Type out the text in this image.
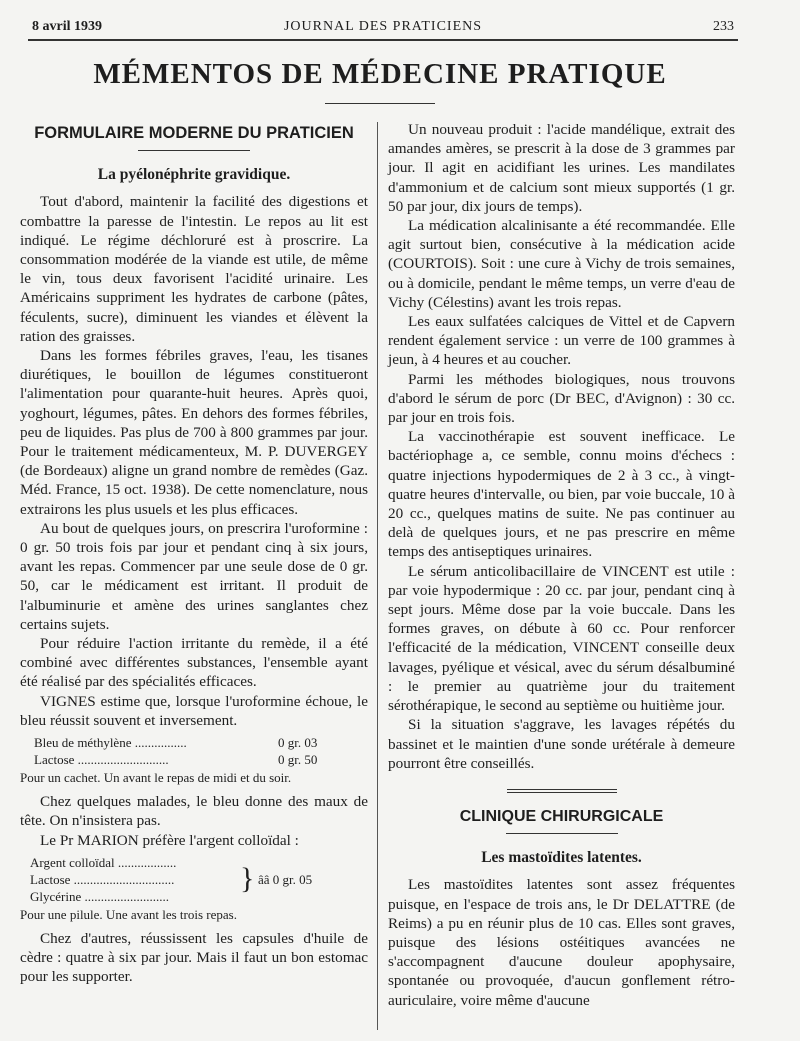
8 avril 1939	JOURNAL DES PRATICIENS	233
MÉMENTOS DE MÉDECINE PRATIQUE
FORMULAIRE MODERNE DU PRATICIEN
La pyélonéphrite gravidique.

Tout d'abord, maintenir la facilité des digestions et combattre la paresse de l'intestin. Le repos au lit est indiqué. Le régime déchloruré est à proscrire. La consommation modérée de la viande est utile, de même le vin, tous deux favorisent l'acidité urinaire. Les Américains suppriment les hydrates de carbone (pâtes, féculents, sucre), diminuent les viandes et élèvent la ration des graisses.

Dans les formes fébriles graves, l'eau, les tisanes diurétiques, le bouillon de légumes constitueront l'alimentation pour quarante-huit heures. Après quoi, yoghourt, légumes, pâtes. En dehors des formes fébriles, peu de liquides. Pas plus de 700 à 800 grammes par jour. Pour le traitement médicamenteux, M. P. DUVERGEY (de Bordeaux) aligne un grand nombre de remèdes (Gaz. Méd. France, 15 oct. 1938). De cette nomenclature, nous extrairons les plus usuels et les plus efficaces.

Au bout de quelques jours, on prescrira l'uroformine : 0 gr. 50 trois fois par jour et pendant cinq à six jours, avant les repas. Commencer par une seule dose de 0 gr. 50, car le médicament est irritant. Il produit de l'albuminurie et amène des urines sanglantes chez certains sujets.

Pour réduire l'action irritante du remède, il a été combiné avec différentes substances, l'ensemble ayant été réalisé par des spécialités efficaces.

VIGNES estime que, lorsque l'uroformine échoue, le bleu réussit souvent et inversement.

Bleu de méthylène ................	0 gr. 03
Lactose ............................	0 gr. 50
Pour un cachet. Un avant le repas de midi et du soir.

Chez quelques malades, le bleu donne des maux de tête. On n'insistera pas.

Le Pr MARION préfère l'argent colloïdal :

Argent colloïdal ..................
Lactose ...............................
Glycérine ..........................
} ââ 0 gr. 05
Pour une pilule. Une avant les trois repas.

Chez d'autres, réussissent les capsules d'huile de cèdre : quatre à six par jour. Mais il faut un bon estomac pour les supporter.

Un nouveau produit : l'acide mandélique, extrait des amandes amères, se prescrit à la dose de 3 grammes par jour. Il agit en acidifiant les urines. Les mandilates d'ammonium et de calcium sont mieux supportés (1 gr. 50 par jour, dix jours de temps).

La médication alcalinisante a été recommandée. Elle agit surtout bien, consécutive à la médication acide (COURTOIS). Soit : une cure à Vichy de trois semaines, ou à domicile, pendant le même temps, un verre d'eau de Vichy (Célestins) avant les trois repas.

Les eaux sulfatées calciques de Vittel et de Capvern rendent également service : un verre de 100 grammes à jeun, à 4 heures et au coucher.

Parmi les méthodes biologiques, nous trouvons d'abord le sérum de porc (Dr BEC, d'Avignon) : 30 cc. par jour en trois fois.

La vaccinothérapie est souvent inefficace. Le bactériophage a, ce semble, connu moins d'échecs : quatre injections hypodermiques de 2 à 3 cc., à vingt-quatre heures d'intervalle, ou bien, par voie buccale, 10 à 20 cc., quelques matins de suite. Ne pas continuer au delà de quelques jours, et ne pas prescrire en même temps des antiseptiques urinaires.

Le sérum anticolibacillaire de VINCENT est utile : par voie hypodermique : 20 cc. par jour, pendant cinq à sept jours. Même dose par la voie buccale. Dans les formes graves, on débute à 60 cc. Pour renforcer l'efficacité de la médication, VINCENT conseille deux lavages, pyélique et vésical, avec du sérum désalbuminé : le premier au quatrième jour du traitement sérothérapique, le second au septième ou huitième jour.

Si la situation s'aggrave, les lavages répétés du bassinet et le maintien d'une sonde urétérale à demeure pourront être conseillés.

CLINIQUE CHIRURGICALE
Les mastoïdites latentes.

Les mastoïdites latentes sont assez fréquentes puisque, en l'espace de trois ans, le Dr DELATTRE (de Reims) a pu en réunir plus de 10 cas. Elles sont graves, puisque des lésions ostéitiques avancées ne s'accompagnent d'aucune douleur apophysaire, spontanée ou provoquée, d'aucun gonflement rétro-auriculaire, voire même d'aucune
